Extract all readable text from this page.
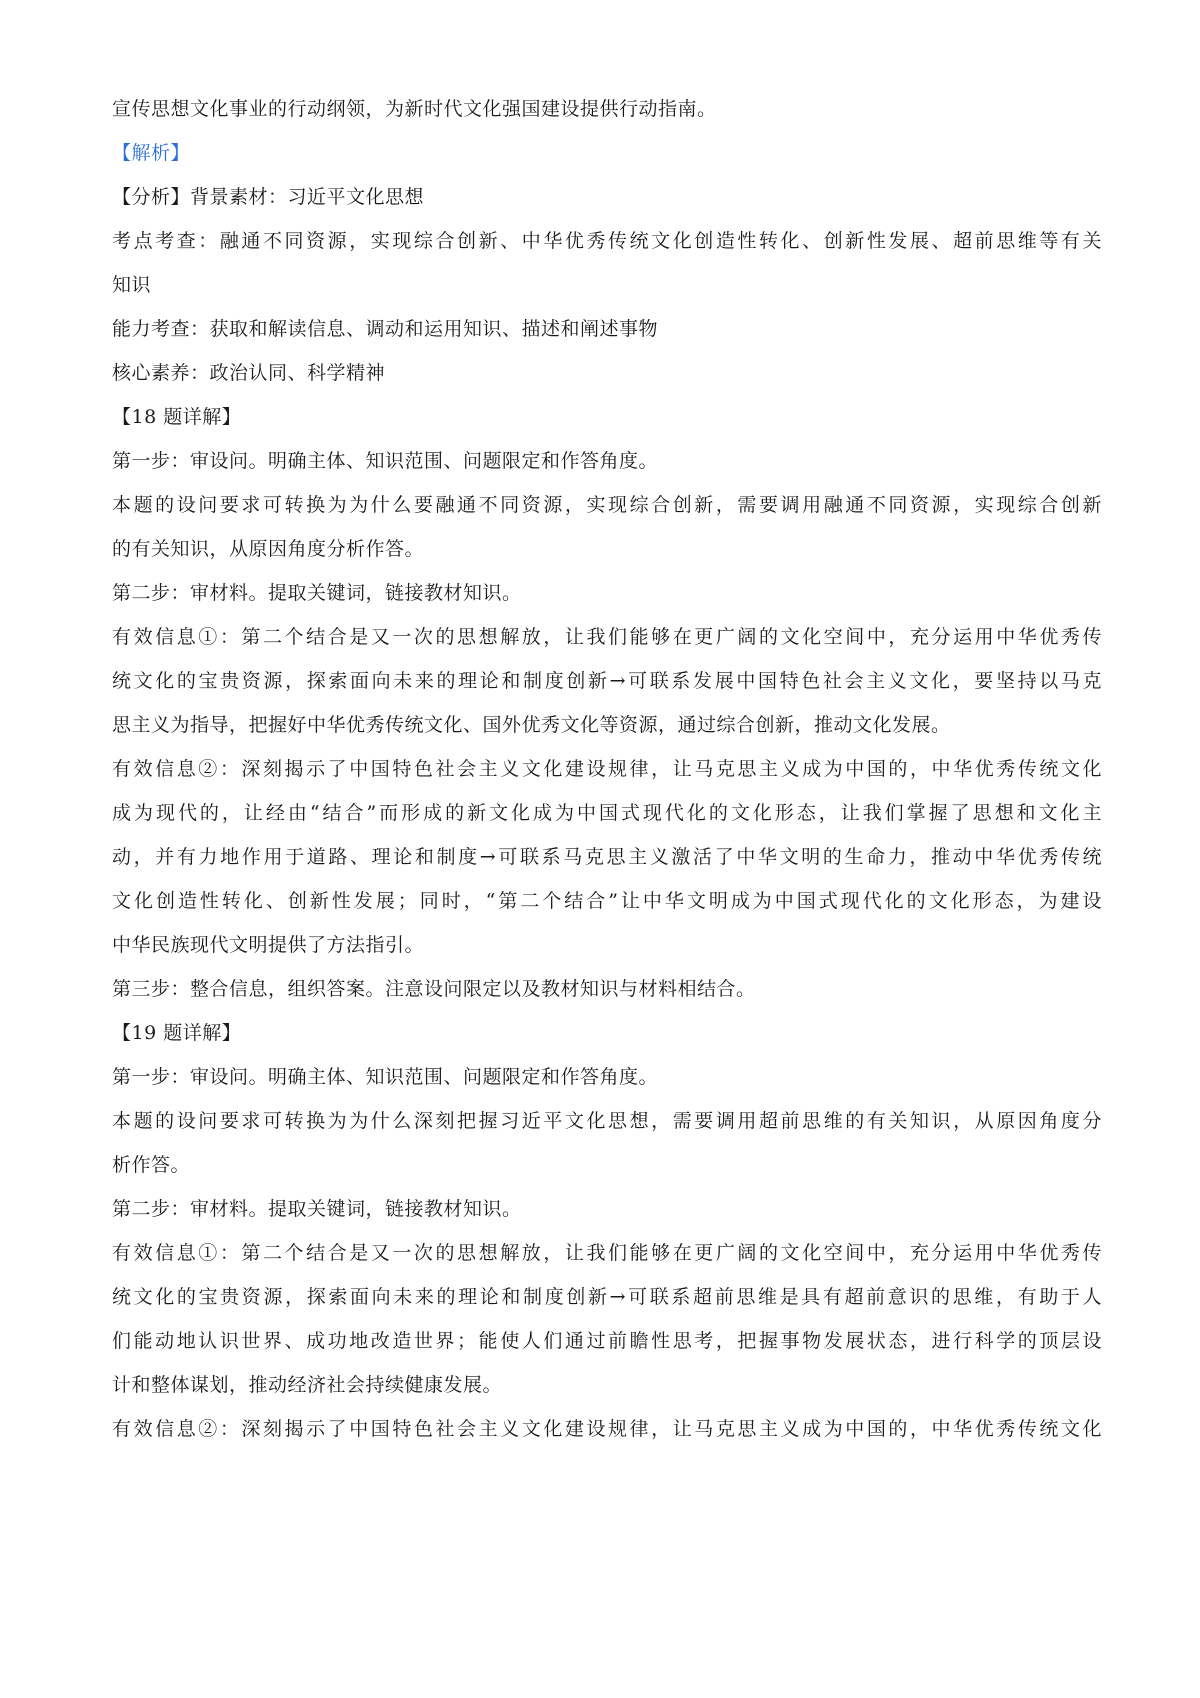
宣传思想文化事业的行动纲领，为新时代文化强国建设提供行动指南。

【解析】

【分析】背景素材：习近平文化思想

考点考查：融通不同资源，实现综合创新、中华优秀传统文化创造性转化、创新性发展、超前思维等有关

知识

能力考查：获取和解读信息、调动和运用知识、描述和阐述事物

核心素养：政治认同、科学精神

【18 题详解】

第一步：审设问。明确主体、知识范围、问题限定和作答角度。

本题的设问要求可转换为为什么要融通不同资源，实现综合创新，需要调用融通不同资源，实现综合创新

的有关知识，从原因角度分析作答。

第二步：审材料。提取关键词，链接教材知识。

有效信息①：第二个结合是又一次的思想解放，让我们能够在更广阔的文化空间中，充分运用中华优秀传

统文化的宝贵资源，探索面向未来的理论和制度创新→可联系发展中国特色社会主义文化，要坚持以马克

思主义为指导，把握好中华优秀传统文化、国外优秀文化等资源，通过综合创新，推动文化发展。

有效信息②：深刻揭示了中国特色社会主义文化建设规律，让马克思主义成为中国的，中华优秀传统文化

成为现代的，让经由“结合”而形成的新文化成为中国式现代化的文化形态，让我们掌握了思想和文化主

动，并有力地作用于道路、理论和制度→可联系马克思主义激活了中华文明的生命力，推动中华优秀传统

文化创造性转化、创新性发展；同时，“第二个结合”让中华文明成为中国式现代化的文化形态，为建设

中华民族现代文明提供了方法指引。

第三步：整合信息，组织答案。注意设问限定以及教材知识与材料相结合。

【19 题详解】

第一步：审设问。明确主体、知识范围、问题限定和作答角度。

本题的设问要求可转换为为什么深刻把握习近平文化思想，需要调用超前思维的有关知识，从原因角度分

析作答。

第二步：审材料。提取关键词，链接教材知识。

有效信息①：第二个结合是又一次的思想解放，让我们能够在更广阔的文化空间中，充分运用中华优秀传

统文化的宝贵资源，探索面向未来的理论和制度创新→可联系超前思维是具有超前意识的思维，有助于人

们能动地认识世界、成功地改造世界；能使人们通过前瞻性思考，把握事物发展状态，进行科学的顶层设

计和整体谋划，推动经济社会持续健康发展。

有效信息②：深刻揭示了中国特色社会主义文化建设规律，让马克思主义成为中国的，中华优秀传统文化
